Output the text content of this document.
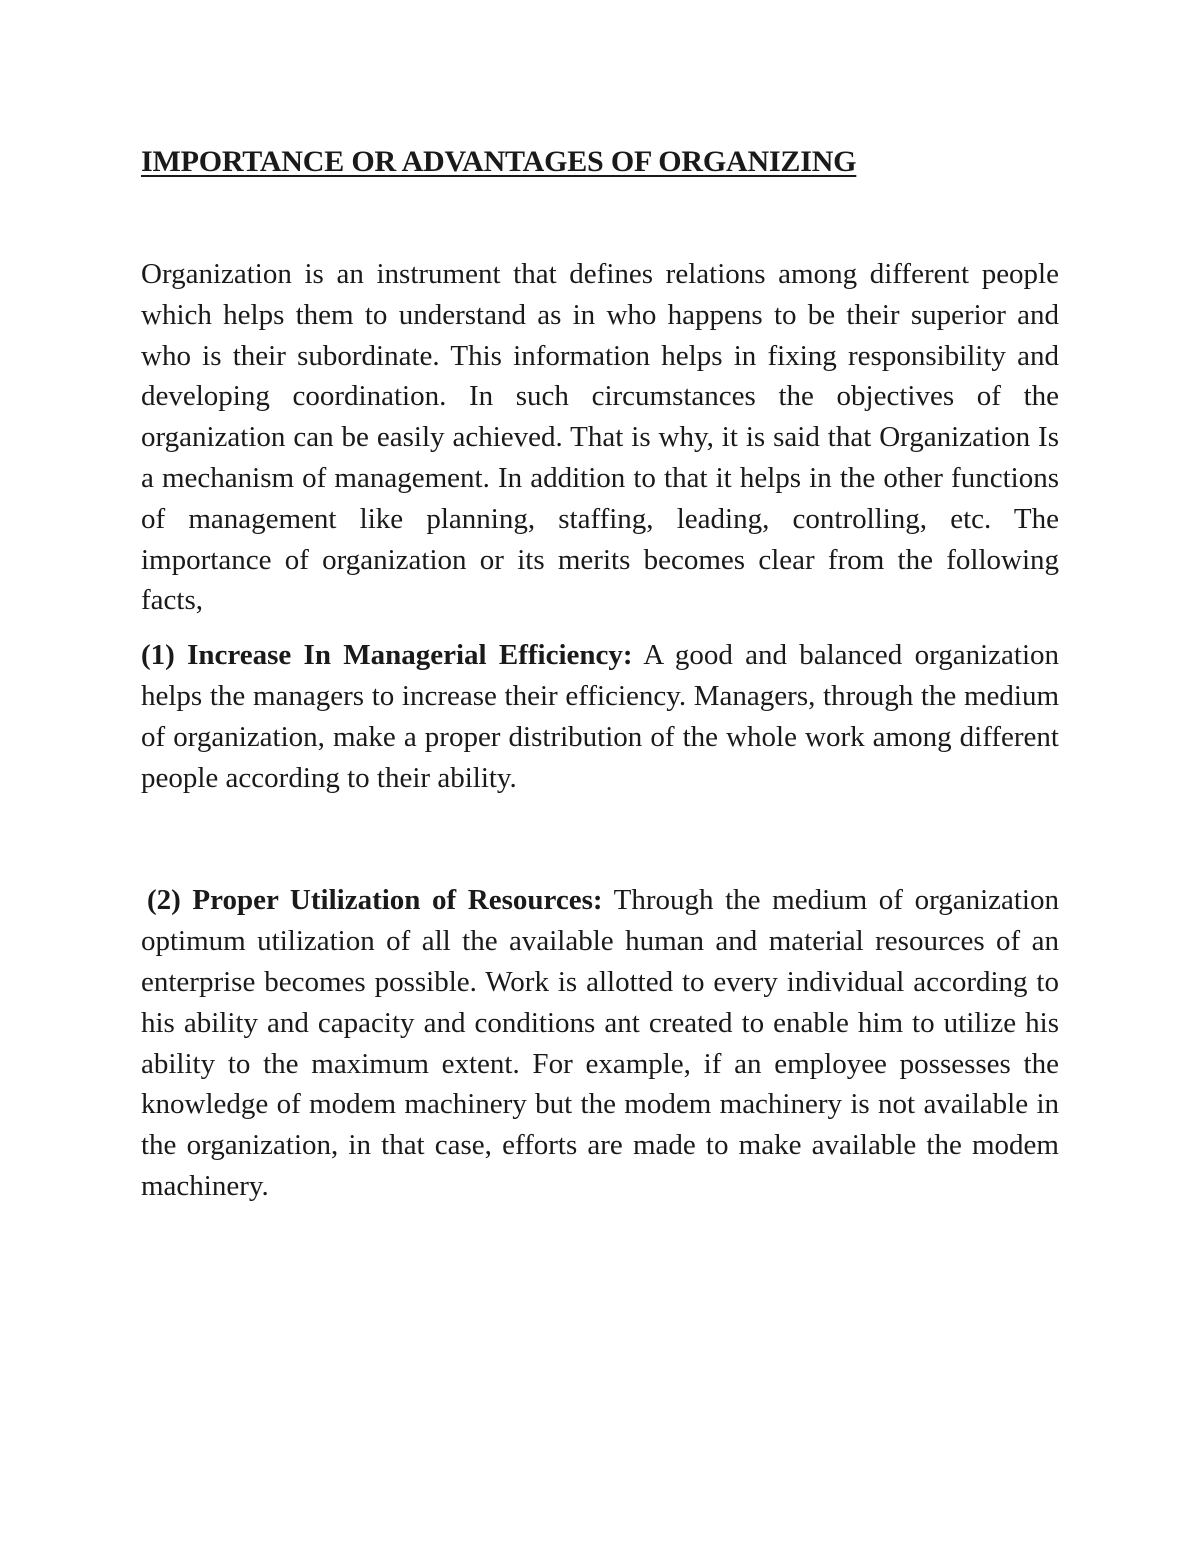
IMPORTANCE OR ADVANTAGES OF ORGANIZING

Organization is an instrument that defines relations among different people which helps them to understand as in who happens to be their superior and who is their subordinate. This information helps in fixing responsibility and developing coordination. In such circumstances the objectives of the organization can be easily achieved. That is why, it is said that Organization Is a mechanism of management. In addition to that it helps in the other functions of management like planning, staffing, leading, controlling, etc. The importance of organization or its merits becomes clear from the following facts,

(1) Increase In Managerial Efficiency: A good and balanced organization helps the managers to increase their efficiency. Managers, through the medium of organization, make a proper distribution of the whole work among different people according to their ability.

(2) Proper Utilization of Resources: Through the medium of organization optimum utilization of all the available human and material resources of an enterprise becomes possible. Work is allotted to every individual according to his ability and capacity and conditions ant created to enable him to utilize his ability to the maximum extent. For example, if an employee possesses the knowledge of modem machinery but the modem machinery is not available in the organization, in that case, efforts are made to make available the modem machinery.
